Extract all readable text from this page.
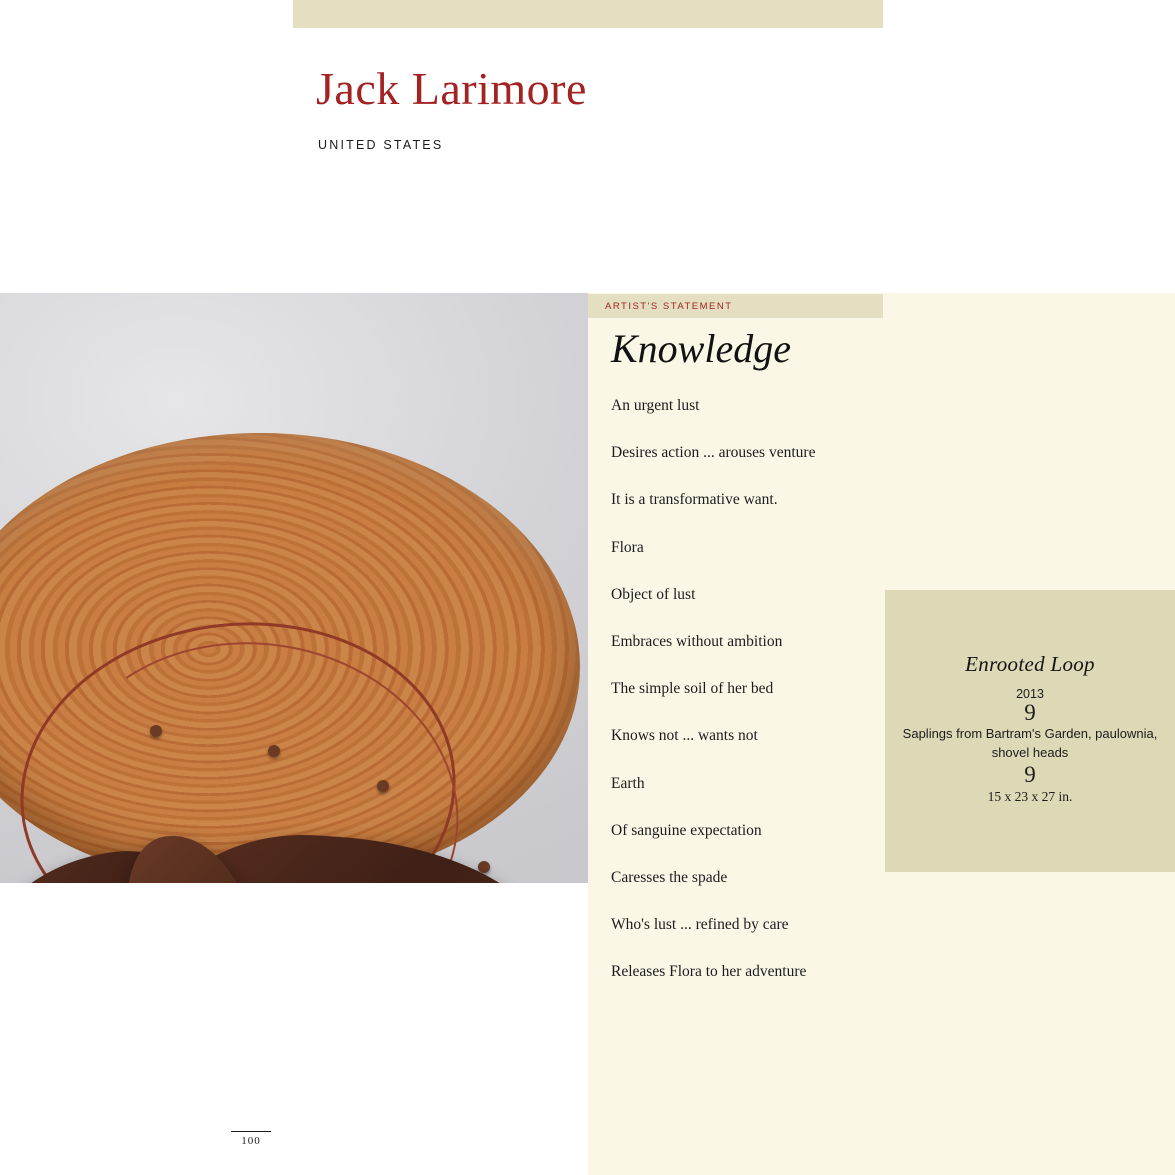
Jack Larimore
UNITED STATES
ARTIST'S STATEMENT
Knowledge
An urgent lust
Desires action ... arouses venture
It is a transformative want.
Flora
Object of lust
Embraces without ambition
The simple soil of her bed
Knows not ... wants not
Earth
Of sanguine expectation
Caresses the spade
Who's lust ... refined by care
Releases Flora to her adventure
Enrooted Loop
2013
9
Saplings from Bartram's Garden, paulownia, shovel heads
9
15 x 23 x 27 in.
100
